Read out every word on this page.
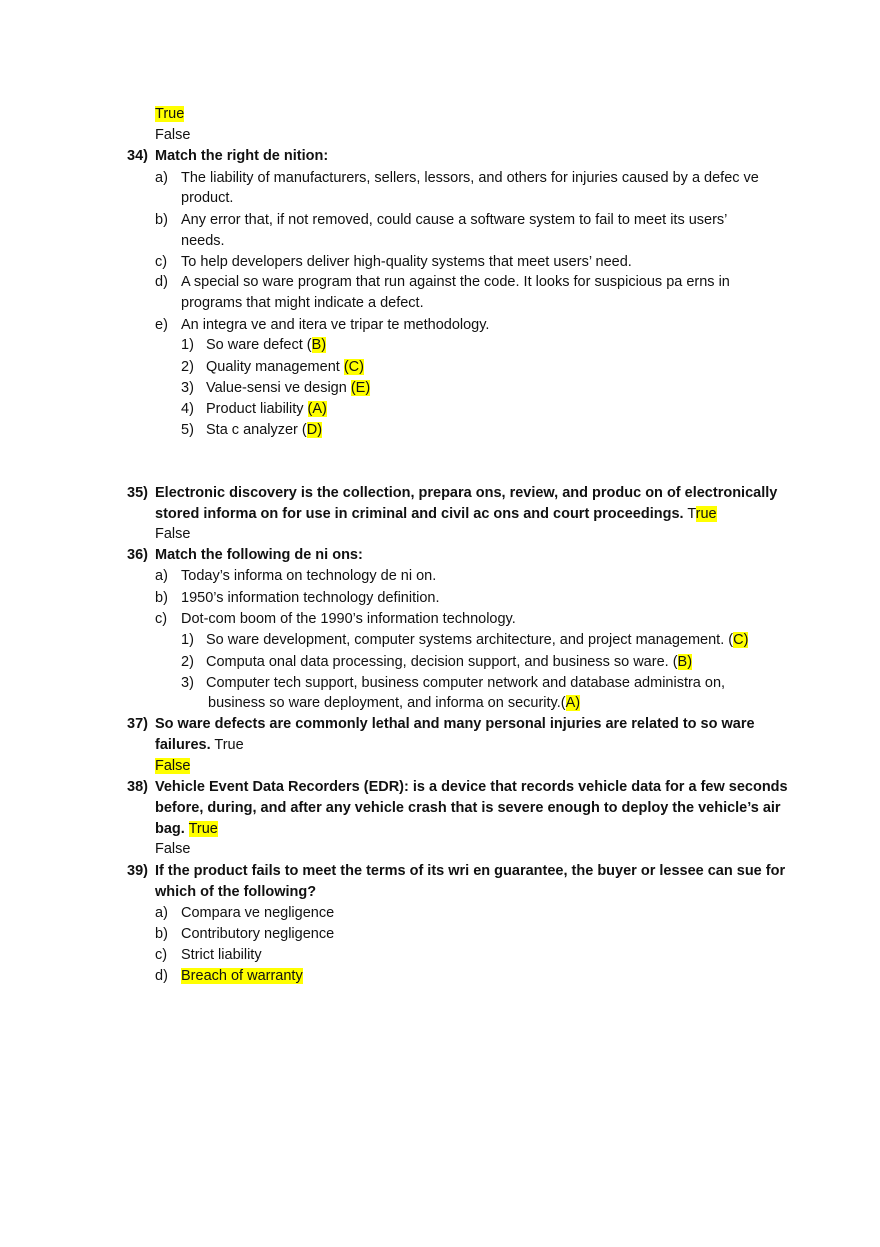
True
False
34) Match the right de nition:
a) The liability of manufacturers, sellers, lessors, and others for injuries caused by a defec ve
product.
b) Any error that, if not removed, could cause a software system to fail to meet its users’
needs.
c) To help developers deliver high-quality systems that meet users’ need.
d) A special so ware program that run against the code. It looks for suspicious pa erns in
programs that might indicate a defect.
e) An integra ve and itera ve tripar te methodology.
1) So ware defect (B)
2) Quality management (C)
3) Value-sensi ve design (E)
4) Product liability (A)
5) Sta c analyzer (D)
35) Electronic discovery is the collection, prepara ons, review, and produc on of electronically
stored informa on for use in criminal and civil ac ons and court proceedings. True
False
36) Match the following de ni ons:
a) Today’s informa on technology de ni on.
b) 1950’s information technology definition.
c) Dot-com boom of the 1990’s information technology.
1) So ware development, computer systems architecture, and project management. (C)
2) Computa onal data processing, decision support, and business so ware. (B)
3) Computer tech support, business computer network and database administra on,
business so ware deployment, and informa on security.(A)
37) So ware defects are commonly lethal and many personal injuries are related to so ware
failures. True
False
38) Vehicle Event Data Recorders (EDR): is a device that records vehicle data for a few seconds
before, during, and after any vehicle crash that is severe enough to deploy the vehicle’s air
bag. True
False
39) If the product fails to meet the terms of its wri en guarantee, the buyer or lessee can sue for
which of the following?
a) Compara ve negligence
b) Contributory negligence
c) Strict liability
d) Breach of warranty
